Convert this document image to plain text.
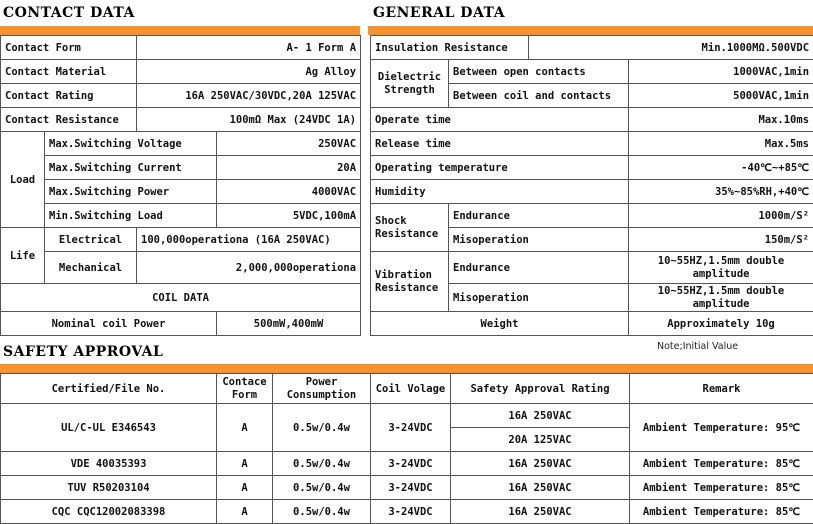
CONTACT DATA
Contact Form		A- 1 Form A	
Contact Material		Ag Alloy	
Contact Rating		16A 250VAC/30VDC,20A 125VAC	
Contact Resistance		100mΩ Max (24VDC 1A)	
Load	Max.Switching Voltage		250VAC
	Max.Switching Current		20A
	Max.Switching Power		4000VAC
	Min.Switching Load		5VDC,100mA
Life	Electrical	100,000operationa (16A 250VAC)	
	Mechanical	2,000,000operationa	
COIL DATA			
Nominal coil Power			500mW,400mW
GENERAL DATA
Insulation Resistance		Min.1000MΩ.500VDC	
Dielectric Strength	Between open contacts		1000VAC,1min
	Between coil and contacts		5000VAC,1min
Operate time			Max.10ms
Release time			Max.5ms
Operating temperature			-40℃~+85℃
Humidity			35%~85%RH,+40℃
Shock Resistance	Endurance		1000m/S²
	Misoperation		150m/S²
Vibration Resistance	Endurance		10~55HZ,1.5mm double amplitude
	Misoperation		10~55HZ,1.5mm double amplitude
Weight			Approximately 10g
Note;Initial Value
SAFETY APPROVAL
Certified/File No.	Contace Form	Power Consumption	Coil Volage	Safety Approval Rating	Remark
UL/C-UL E346543	A	0.5w/0.4w	3-24VDC	16A 250VAC	Ambient Temperature: 95℃
				20A 125VAC	
VDE 40035393	A	0.5w/0.4w	3-24VDC	16A 250VAC	Ambient Temperature: 85℃
TUV R50203104	A	0.5w/0.4w	3-24VDC	16A 250VAC	Ambient Temperature: 85℃
CQC CQC12002083398	A	0.5w/0.4w	3-24VDC	16A 250VAC	Ambient Temperature: 85℃
